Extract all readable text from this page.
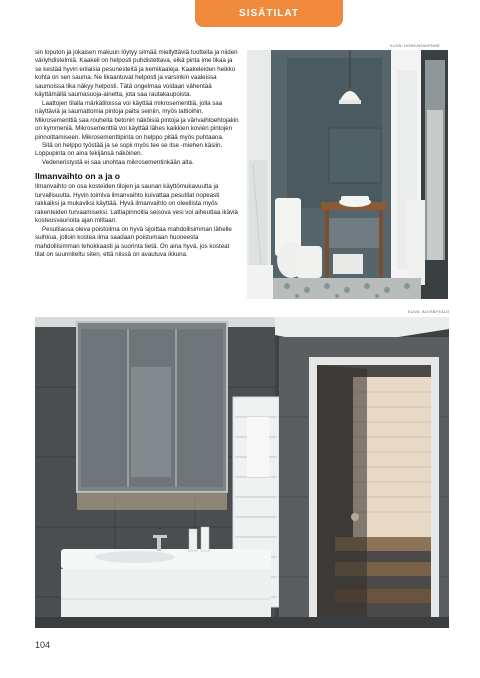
SISÄTILAT

sin loputon ja jokaisen makuun löytyy silmää miellyttäviä tuotteita ja niiden väriyhdistelmiä. Kaakeli on helposti puhdistettava, eikä pinta ime likaa ja se kestää hyvin erilaisia pesunesteitä ja kemikaaleja. Kaakeleiden heikko kohta on sen sauma. Ne likaantuvat helposti ja varsinkin vaaleissa saumoissa lika näkyy helposti. Tätä ongelmaa voidaan vähentää käyttämällä saumasuoja-ainetta, jota saa rautakaupoista.

Laattojen tilalla märkätiloissa voi käyttää mikrosementtiä, jolla saa näyttäviä ja saumattomia pintoja paitsi seiniin, myös lattioihin. Mikrosementtiä saa rouheita betonin näköisiä pintoja ja värivaihtoehtojakin on kymmeniä. Mikrosementtiä voi käyttää lähes kaikkien kovien pintojen pinnoittamiseen. Mikrosementtipinta on helppo pitää myös puhtaana.

Sitä on helppo työstää ja se sopii myös tee se itse -miehen käsiin. Loppupinta on aina tekijänsä näköinen.

Vedeneristystä ei saa unohtaa mikrosementinkään alta.

Ilmanvaihto on a ja o

Ilmanvaihto on osa kosteiden tilojen ja saunan käyttömukavuutta ja turvallisuutta. Hyvin toimiva ilmanvaihto kuivattaa pesutilat nopeasti rakkaiksi ja mukaviksi käyttää. Hyvä ilmanvaihto on oleellista myös rakenteiden turvaamiseksi. Lattiapinnoilla seisova vesi voi aiheuttaa ikäviä kosteusvaurioita ajan mittaan.

Pesutilassa oleva poistoilma on hyvä sijoittaa mahdollisimman lähelle suihkua, jolloin kostea ilma saadaan poistumaan huoneesta mahdollisimman tehokkaasti ja suorinta tietä. On aina hyvä, jos kosteat tilat on suunniteltu siten, että niissä on avautuva ikkuna.

KUVA: HONKARAKENNE
KUVA: ÄLVSBYTALO
104
